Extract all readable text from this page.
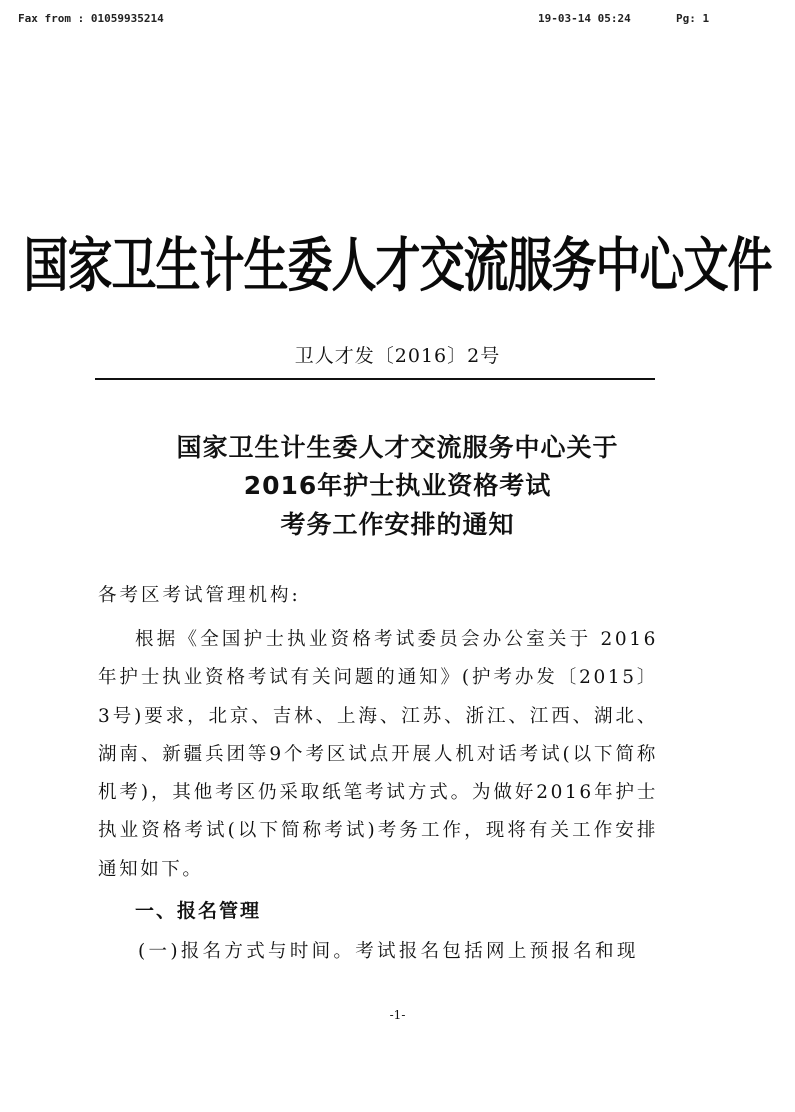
Fax from : 01059935214	19-03-14 05:24	Pg: 1
国家卫生计生委人才交流服务中心文件
卫人才发〔2016〕2号
国家卫生计生委人才交流服务中心关于
2016年护士执业资格考试
考务工作安排的通知
各考区考试管理机构:
根据《全国护士执业资格考试委员会办公室关于 2016年护士执业资格考试有关问题的通知》(护考办发〔2015〕3号)要求，北京、吉林、上海、江苏、浙江、江西、湖北、湖南、新疆兵团等9个考区试点开展人机对话考试(以下简称机考)，其他考区仍采取纸笔考试方式。为做好2016年护士执业资格考试(以下简称考试)考务工作，现将有关工作安排通知如下。
一、报名管理
(一)报名方式与时间。考试报名包括网上预报名和现
-1-
